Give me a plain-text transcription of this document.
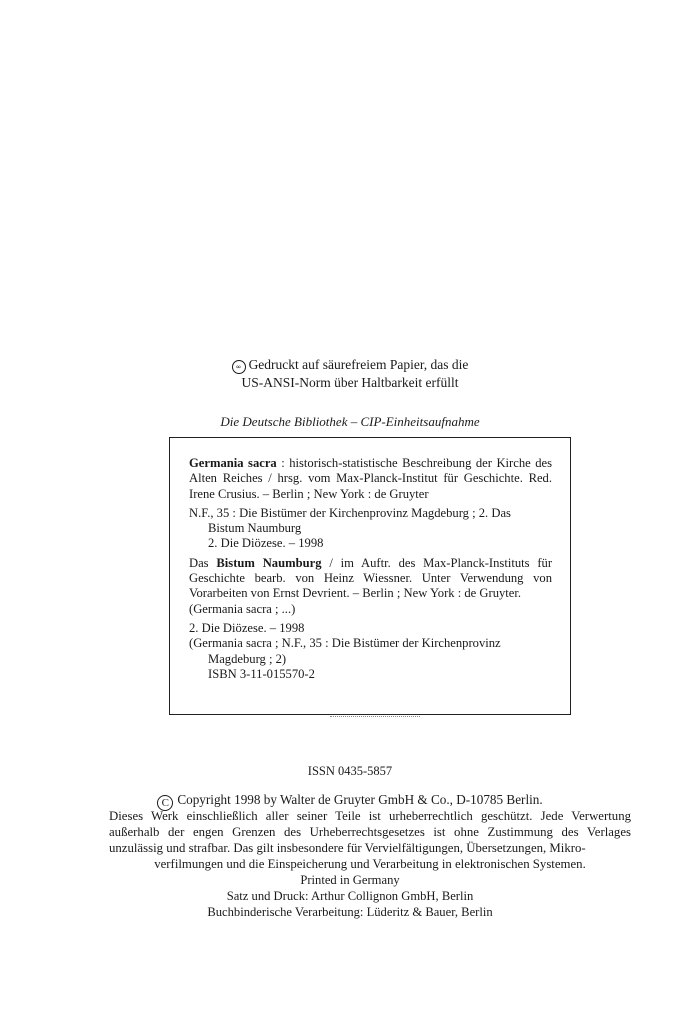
∞ Gedruckt auf säurefreiem Papier, das die
US-ANSI-Norm über Haltbarkeit erfüllt
Die Deutsche Bibliothek – CIP-Einheitsaufnahme
Germania sacra : historisch-statistische Beschreibung der Kirche des Alten Reiches / hrsg. vom Max-Planck-Institut für Geschichte. Red. Irene Crusius. – Berlin ; New York : de Gruyter
N.F., 35 : Die Bistümer der Kirchenprovinz Magdeburg ; 2. Das
Bistum Naumburg
2. Die Diözese. – 1998
Das Bistum Naumburg / im Auftr. des Max-Planck-Instituts für Geschichte bearb. von Heinz Wiessner. Unter Verwendung von Vorarbeiten von Ernst Devrient. – Berlin ; New York : de Gruyter.
(Germania sacra ; ...)
2. Die Diözese. – 1998
(Germania sacra ; N.F., 35 : Die Bistümer der Kirchenprovinz
Magdeburg ; 2)
ISBN 3-11-015570-2
ISSN 0435-5857
C Copyright 1998 by Walter de Gruyter GmbH & Co., D-10785 Berlin.
Dieses Werk einschließlich aller seiner Teile ist urheberrechtlich geschützt. Jede Verwertung außerhalb der engen Grenzen des Urheberrechtsgesetzes ist ohne Zustimmung des Verlages unzulässig und strafbar. Das gilt insbesondere für Vervielfältigungen, Übersetzungen, Mikro-
verfilmungen und die Einspeicherung und Verarbeitung in elektronischen Systemen.
Printed in Germany
Satz und Druck: Arthur Collignon GmbH, Berlin
Buchbinderische Verarbeitung: Lüderitz & Bauer, Berlin
